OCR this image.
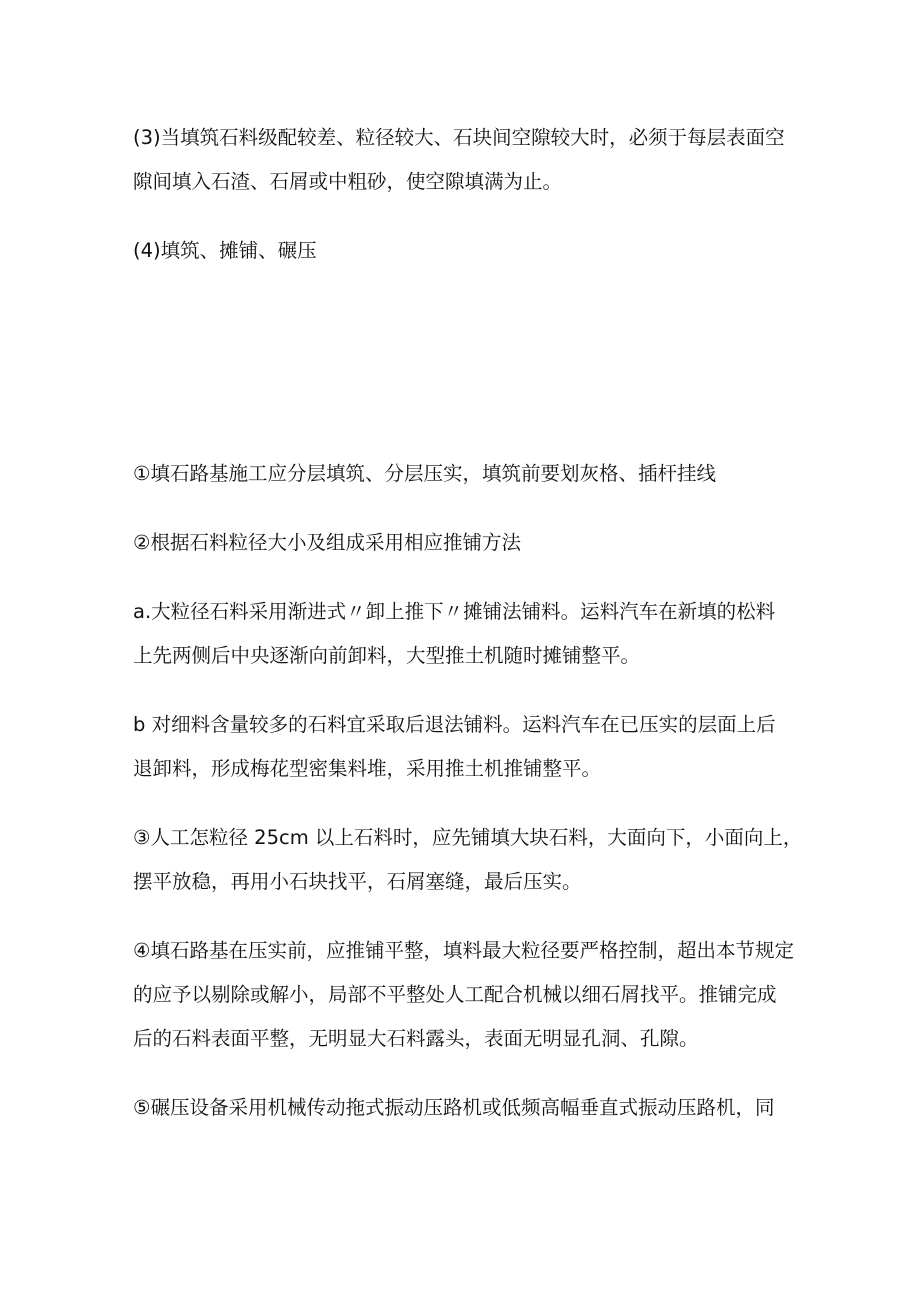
(3)当填筑石料级配较差、粒径较大、石块间空隙较大时，必须于每层表面空
隙间填入石渣、石屑或中粗砂，使空隙填满为止。

(4)填筑、摊铺、碾压

①填石路基施工应分层填筑、分层压实，填筑前要划灰格、插杆挂线

②根据石料粒径大小及组成采用相应推铺方法

a.大粒径石料采用渐进式〃卸上推下〃摊铺法铺料。运料汽车在新填的松料
上先两侧后中央逐渐向前卸料，大型推土机随时摊铺整平。

b 对细料含量较多的石料宜采取后退法铺料。运料汽车在已压实的层面上后
退卸料，形成梅花型密集料堆，采用推土机推铺整平。

③人工怎粒径 25cm 以上石料时，应先铺填大块石料，大面向下，小面向上，
摆平放稳，再用小石块找平，石屑塞缝，最后压实。

④填石路基在压实前，应推铺平整，填料最大粒径要严格控制，超出本节规定
的应予以剔除或解小，局部不平整处人工配合机械以细石屑找平。推铺完成
后的石料表面平整，无明显大石料露头，表面无明显孔洞、孔隙。

⑤碾压设备采用机械传动拖式振动压路机或低频高幅垂直式振动压路机，同
